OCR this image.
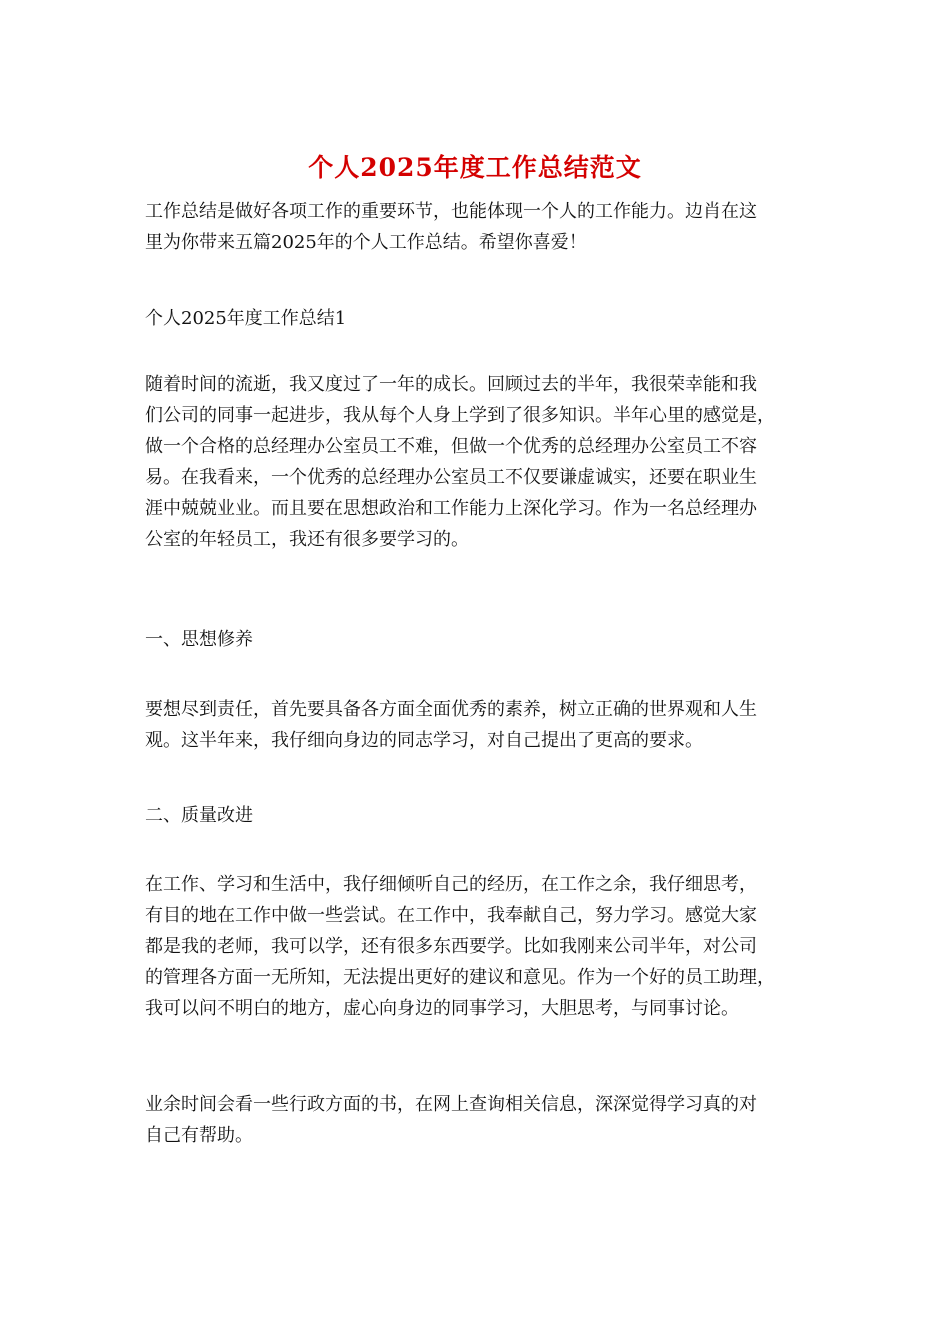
个人2025年度工作总结范文
工作总结是做好各项工作的重要环节，也能体现一个人的工作能力。边肖在这
里为你带来五篇2025年的个人工作总结。希望你喜爱！
个人2025年度工作总结1
随着时间的流逝，我又度过了一年的成长。回顾过去的半年，我很荣幸能和我
们公司的同事一起进步，我从每个人身上学到了很多知识。半年心里的感觉是，
做一个合格的总经理办公室员工不难，但做一个优秀的总经理办公室员工不容
易。在我看来，一个优秀的总经理办公室员工不仅要谦虚诚实，还要在职业生
涯中兢兢业业。而且要在思想政治和工作能力上深化学习。作为一名总经理办
公室的年轻员工，我还有很多要学习的。
一、思想修养
要想尽到责任，首先要具备各方面全面优秀的素养，树立正确的世界观和人生
观。这半年来，我仔细向身边的同志学习，对自己提出了更高的要求。
二、质量改进
在工作、学习和生活中，我仔细倾听自己的经历，在工作之余，我仔细思考，
有目的地在工作中做一些尝试。在工作中，我奉献自己，努力学习。感觉大家
都是我的老师，我可以学，还有很多东西要学。比如我刚来公司半年，对公司
的管理各方面一无所知，无法提出更好的建议和意见。作为一个好的员工助理，
我可以问不明白的地方，虚心向身边的同事学习，大胆思考，与同事讨论。
业余时间会看一些行政方面的书，在网上查询相关信息，深深觉得学习真的对
自己有帮助。
